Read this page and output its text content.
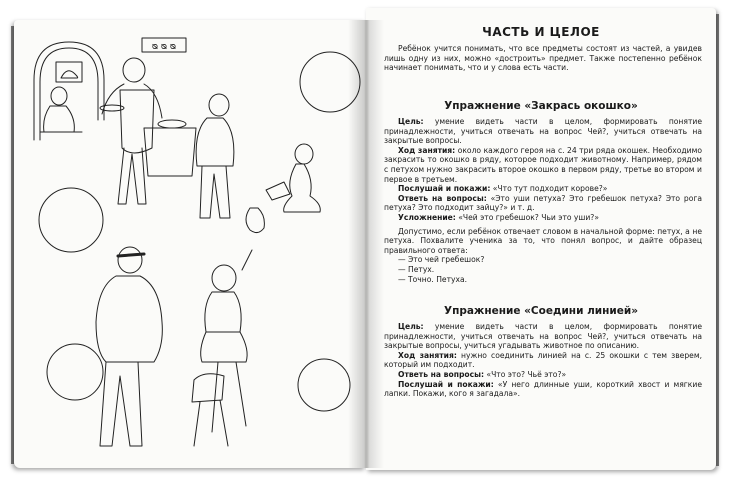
ᴓ ᴓ ᴓ
ЧАСТЬ И ЦЕЛОЕ

Ребёнок учится понимать, что все предметы состоят из частей, а увидев лишь одну из них, можно «достроить» предмет. Также постепенно ребёнок начинает понимать, что и у слова есть части.

Упражнение «Закрась окошко»

Цель: умение видеть части в целом, формировать понятие принадлежности, учиться отвечать на вопрос Чей?, учиться отвечать на закрытые вопросы.

Ход занятия: около каждого героя на с. 24 три ряда окошек. Необходимо закрасить то окошко в ряду, которое подходит животному. Например, рядом с петухом нужно закрасить второе окошко в первом ряду, третье во втором и первое в третьем.

Послушай и покажи: «Что тут подходит корове?»

Ответь на вопросы: «Это уши петуха? Это гребешок петуха? Это рога петуха? Это подходит зайцу?» и т. д.

Усложнение: «Чей это гребешок? Чьи это уши?»

Допустимо, если ребёнок отвечает словом в начальной форме: петух, а не петуха. Похвалите ученика за то, что понял вопрос, и дайте образец правильного ответа:

— Это чей гребешок?

— Петух.

— Точно. Петуха.

Упражнение «Соедини линией»

Цель: умение видеть части в целом, формировать понятие принадлежности, учиться отвечать на вопрос Чей?, учиться отвечать на закрытые вопросы, учиться угадывать животное по описанию.

Ход занятия: нужно соединить линией на с. 25 окошки с тем зверем, который им подходит.

Ответь на вопросы: «Что это? Чьё это?»

Послушай и покажи: «У него длинные уши, короткий хвост и мягкие лапки. Покажи, кого я загадала».
